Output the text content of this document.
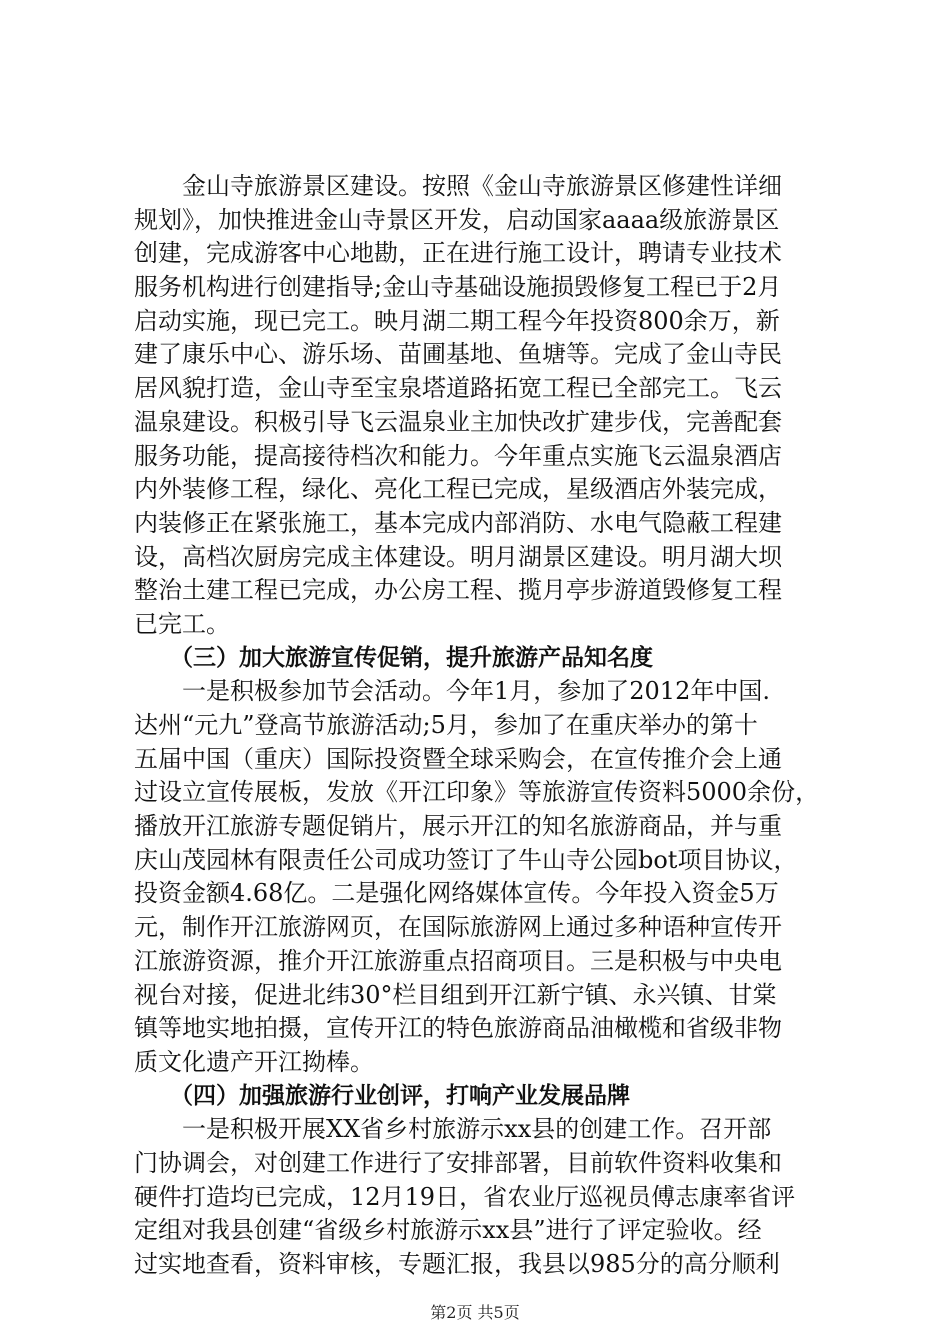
金山寺旅游景区建设。按照《金山寺旅游景区修建性详细
规划》，加快推进金山寺景区开发，启动国家aaaa级旅游景区
创建，完成游客中心地勘，正在进行施工设计，聘请专业技术
服务机构进行创建指导;金山寺基础设施损毁修复工程已于2月
启动实施，现已完工。映月湖二期工程今年投资800余万，新
建了康乐中心、游乐场、苗圃基地、鱼塘等。完成了金山寺民
居风貌打造，金山寺至宝泉塔道路拓宽工程已全部完工。飞云
温泉建设。积极引导飞云温泉业主加快改扩建步伐，完善配套
服务功能，提高接待档次和能力。今年重点实施飞云温泉酒店
内外装修工程，绿化、亮化工程已完成，星级酒店外装完成，
内装修正在紧张施工，基本完成内部消防、水电气隐蔽工程建
设，高档次厨房完成主体建设。明月湖景区建设。明月湖大坝
整治土建工程已完成，办公房工程、揽月亭步游道毁修复工程
已完工。
（三）加大旅游宣传促销，提升旅游产品知名度
一是积极参加节会活动。今年1月，参加了2012年中国.
达州“元九”登高节旅游活动;5月，参加了在重庆举办的第十
五届中国（重庆）国际投资暨全球采购会，在宣传推介会上通
过设立宣传展板，发放《开江印象》等旅游宣传资料5000余份，
播放开江旅游专题促销片，展示开江的知名旅游商品，并与重
庆山茂园林有限责任公司成功签订了牛山寺公园bot项目协议，
投资金额4.68亿。二是强化网络媒体宣传。今年投入资金5万
元，制作开江旅游网页，在国际旅游网上通过多种语种宣传开
江旅游资源，推介开江旅游重点招商项目。三是积极与中央电
视台对接，促进北纬30°栏目组到开江新宁镇、永兴镇、甘棠
镇等地实地拍摄，宣传开江的特色旅游商品油橄榄和省级非物
质文化遗产开江拗棒。
（四）加强旅游行业创评，打响产业发展品牌
一是积极开展XX省乡村旅游示xx县的创建工作。召开部
门协调会，对创建工作进行了安排部署，目前软件资料收集和
硬件打造均已完成，12月19日，省农业厅巡视员傅志康率省评
定组对我县创建“省级乡村旅游示xx县”进行了评定验收。经
过实地查看，资料审核，专题汇报，我县以985分的高分顺利
第2页 共5页
